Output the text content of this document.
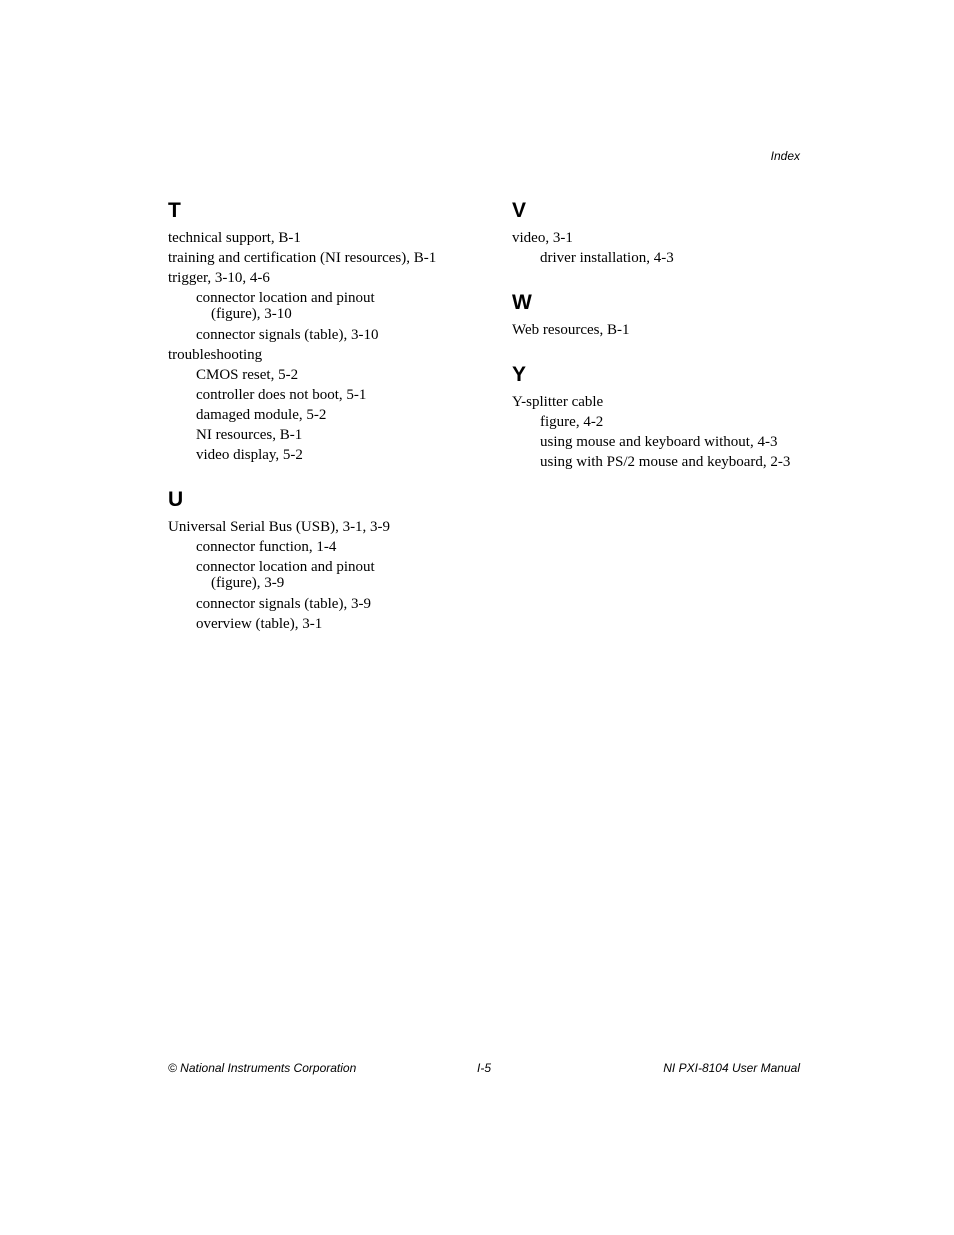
Index
T
technical support, B-1
training and certification (NI resources), B-1
trigger, 3-10, 4-6
connector location and pinout
(figure), 3-10
connector signals (table), 3-10
troubleshooting
CMOS reset, 5-2
controller does not boot, 5-1
damaged module, 5-2
NI resources, B-1
video display, 5-2
U
Universal Serial Bus (USB), 3-1, 3-9
connector function, 1-4
connector location and pinout
(figure), 3-9
connector signals (table), 3-9
overview (table), 3-1
V
video, 3-1
driver installation, 4-3
W
Web resources, B-1
Y
Y-splitter cable
figure, 4-2
using mouse and keyboard without, 4-3
using with PS/2 mouse and keyboard, 2-3
© National Instruments Corporation	I-5	NI PXI-8104 User Manual
